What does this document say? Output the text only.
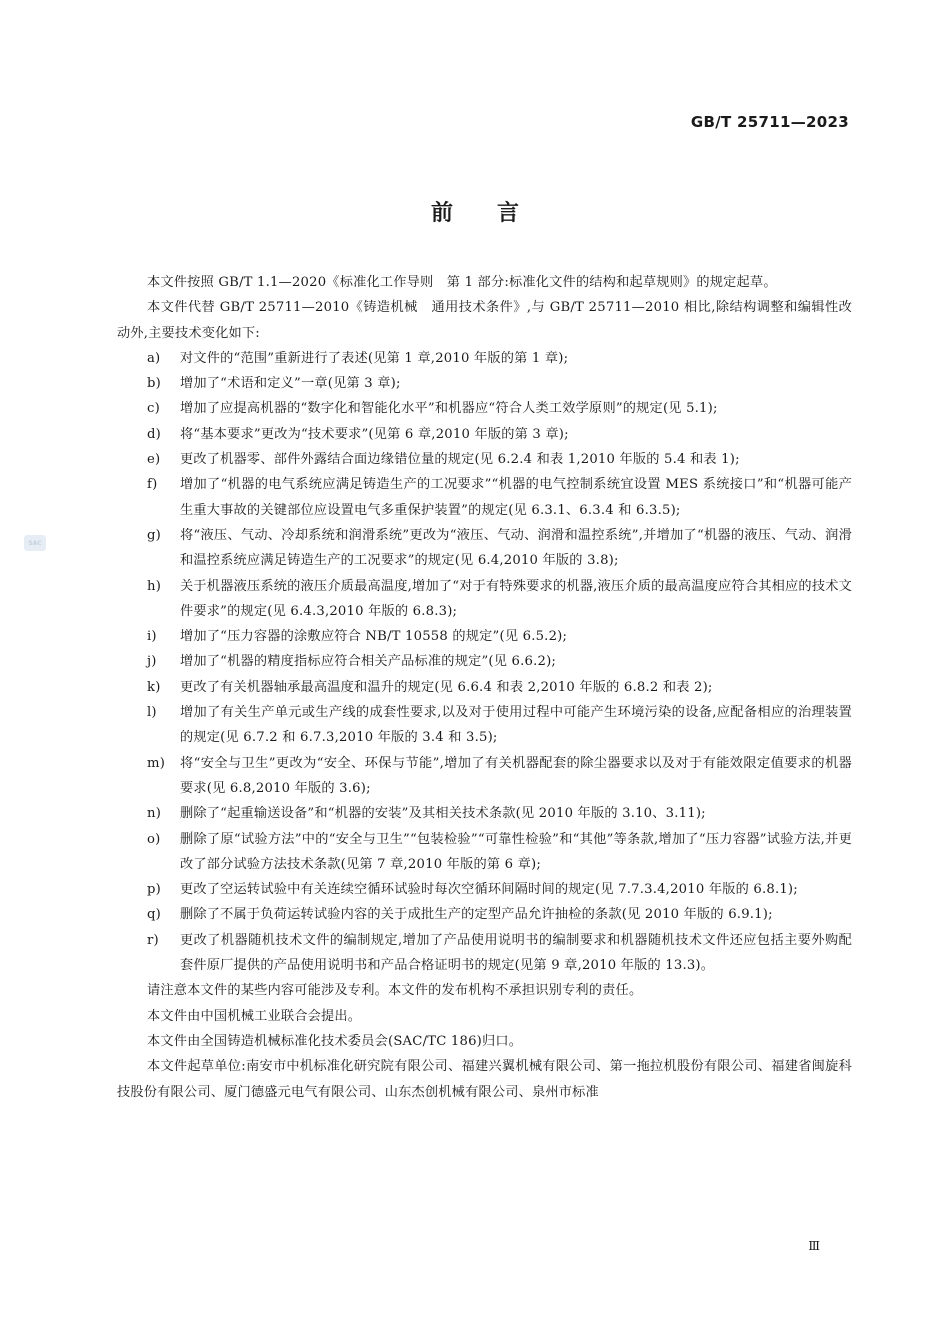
GB/T 25711—2023
前 言
SAC

本文件按照 GB/T 1.1—2020《标准化工作导则　第 1 部分:标准化文件的结构和起草规则》的规定起草。

本文件代替 GB/T 25711—2010《铸造机械　通用技术条件》,与 GB/T 25711—2010 相比,除结构调整和编辑性改动外,主要技术变化如下:

a)	对文件的“范围”重新进行了表述(见第 1 章,2010 年版的第 1 章);
b)	增加了“术语和定义”一章(见第 3 章);
c)	增加了应提高机器的“数字化和智能化水平”和机器应“符合人类工效学原则”的规定(见 5.1);
d)	将“基本要求”更改为“技术要求”(见第 6 章,2010 年版的第 3 章);
e)	更改了机器零、部件外露结合面边缘错位量的规定(见 6.2.4 和表 1,2010 年版的 5.4 和表 1);
f)	增加了“机器的电气系统应满足铸造生产的工况要求”“机器的电气控制系统宜设置 MES 系统接口”和“机器可能产生重大事故的关键部位应设置电气多重保护装置”的规定(见 6.3.1、6.3.4 和 6.3.5);
g)	将“液压、气动、冷却系统和润滑系统”更改为“液压、气动、润滑和温控系统”,并增加了“机器的液压、气动、润滑和温控系统应满足铸造生产的工况要求”的规定(见 6.4,2010 年版的 3.8);
h)	关于机器液压系统的液压介质最高温度,增加了“对于有特殊要求的机器,液压介质的最高温度应符合其相应的技术文件要求”的规定(见 6.4.3,2010 年版的 6.8.3);
i)	增加了“压力容器的涂敷应符合 NB/T 10558 的规定”(见 6.5.2);
j)	增加了“机器的精度指标应符合相关产品标准的规定”(见 6.6.2);
k)	更改了有关机器轴承最高温度和温升的规定(见 6.6.4 和表 2,2010 年版的 6.8.2 和表 2);
l)	增加了有关生产单元或生产线的成套性要求,以及对于使用过程中可能产生环境污染的设备,应配备相应的治理装置的规定(见 6.7.2 和 6.7.3,2010 年版的 3.4 和 3.5);
m)	将“安全与卫生”更改为“安全、环保与节能”,增加了有关机器配套的除尘器要求以及对于有能效限定值要求的机器要求(见 6.8,2010 年版的 3.6);
n)	删除了“起重输送设备”和“机器的安装”及其相关技术条款(见 2010 年版的 3.10、3.11);
o)	删除了原“试验方法”中的“安全与卫生”“包装检验”“可靠性检验”和“其他”等条款,增加了“压力容器”试验方法,并更改了部分试验方法技术条款(见第 7 章,2010 年版的第 6 章);
p)	更改了空运转试验中有关连续空循环试验时每次空循环间隔时间的规定(见 7.7.3.4,2010 年版的 6.8.1);
q)	删除了不属于负荷运转试验内容的关于成批生产的定型产品允许抽检的条款(见 2010 年版的 6.9.1);
r)	更改了机器随机技术文件的编制规定,增加了产品使用说明书的编制要求和机器随机技术文件还应包括主要外购配套件原厂提供的产品使用说明书和产品合格证明书的规定(见第 9 章,2010 年版的 13.3)。

请注意本文件的某些内容可能涉及专利。本文件的发布机构不承担识别专利的责任。

本文件由中国机械工业联合会提出。

本文件由全国铸造机械标准化技术委员会(SAC/TC 186)归口。

本文件起草单位:南安市中机标准化研究院有限公司、福建兴翼机械有限公司、第一拖拉机股份有限公司、福建省闽旋科技股份有限公司、厦门德盛元电气有限公司、山东杰创机械有限公司、泉州市标准

Ⅲ
